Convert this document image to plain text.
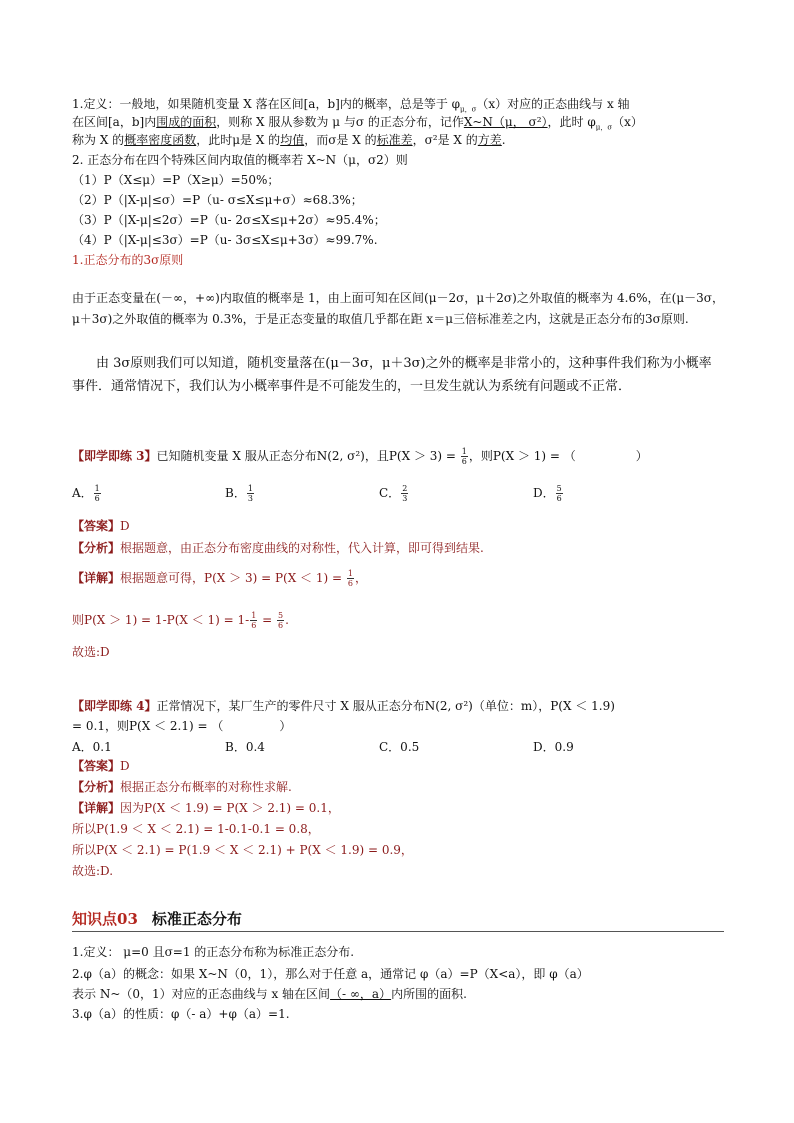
1.定义：一般地，如果随机变量 X 落在区间[a，b]内的概率，总是等于 $\varphi_{\mu,\sigma}(x)$对应的正态曲线与 x 轴
在区间[a，b]内围成的面积，则称 X 服从参数为 μ 与σ 的正态分布，记作X~N（μ， σ²），此时 $\varphi_{\mu,\sigma}(x)$
称为 X 的概率密度函数，此时μ是 X 的均值，而σ是 X 的标准差，σ²是 X 的方差.
2. 正态分布在四个特殊区间内取值的概率若 X~N（μ，σ2）则
（1）P（X≤μ）=P（X≥μ）=50%；
（2）P（|X-μ|≤σ）=P（u- σ≤X≤μ+σ）≈68.3%；
（3）P（|X-μ|≤2σ）=P（u- 2σ≤X≤μ+2σ）≈95.4%；
（4）P（|X-μ|≤3σ）=P（u- 3σ≤X≤μ+3σ）≈99.7%.
1.正态分布的3σ原则
由于正态变量在(－∞，+∞)内取值的概率是 1，由上面可知在区间(μ－2σ，μ＋2σ)之外取值的概率为 4.6%，在(μ－3σ，μ＋3σ)之外取值的概率为 0.3%，于是正态变量的取值几乎都在距 x＝μ三倍标准差之内，这就是正态分布的3σ原则.
由 3σ原则我们可以知道，随机变量落在(μ－3σ，μ＋3σ)之外的概率是非常小的，这种事件我们称为小概率事件．通常情况下，我们认为小概率事件是不可能发生的，一旦发生就认为系统有问题或不正常．
【即学即练 3】已知随机变量 X 服从正态分布N(2, σ²)，且$P(X > 3) = \frac{1}{6}$ ，则P(X ＞ 1) = （	）
A． $\frac{1}{6}$	B． $\frac{1}{3}$	C． $\frac{2}{3}$	D． $\frac{5}{6}$
【答案】D
【分析】根据题意，由正态分布密度曲线的对称性，代入计算，即可得到结果.
【详解】根据题意可得，$P(X > 3) = P(X < 1) = \frac{1}{6}$ ，
则$P(X > 1) = 1-P(X < 1) = 1- \frac{1}{6} = \frac{5}{6}$ .
故选:D
【即学即练 4】正常情况下，某厂生产的零件尺寸 X 服从正态分布N(2, σ²)（单位：m），P(X ＜ 1.9)
= 0.1，则P(X ＜ 2.1) = （	）
A．0.1	B．0.4	C．0.5	D．0.9
【答案】D
【分析】根据正态分布概率的对称性求解.
【详解】因为P(X ＜ 1.9) = P(X ＞ 2.1) = 0.1，
所以P(1.9 ＜ X ＜ 2.1) = 1-0.1-0.1 = 0.8，
所以P(X ＜ 2.1) = P(1.9 ＜ X ＜ 2.1) + P(X ＜ 1.9) = 0.9，
故选:D.
知识点03 标准正态分布
1.定义： μ=0 且σ=1 的正态分布称为标准正态分布.
2.φ（a）的概念：如果 X~N（0，1），那么对于任意 a，通常记 φ（a）=P（X<a），即 φ（a）
表示 N~（0，1）对应的正态曲线与 x 轴在区间（- ∞，a）内所围的面积.
3.φ（a）的性质：φ（- a）+φ（a）=1.
